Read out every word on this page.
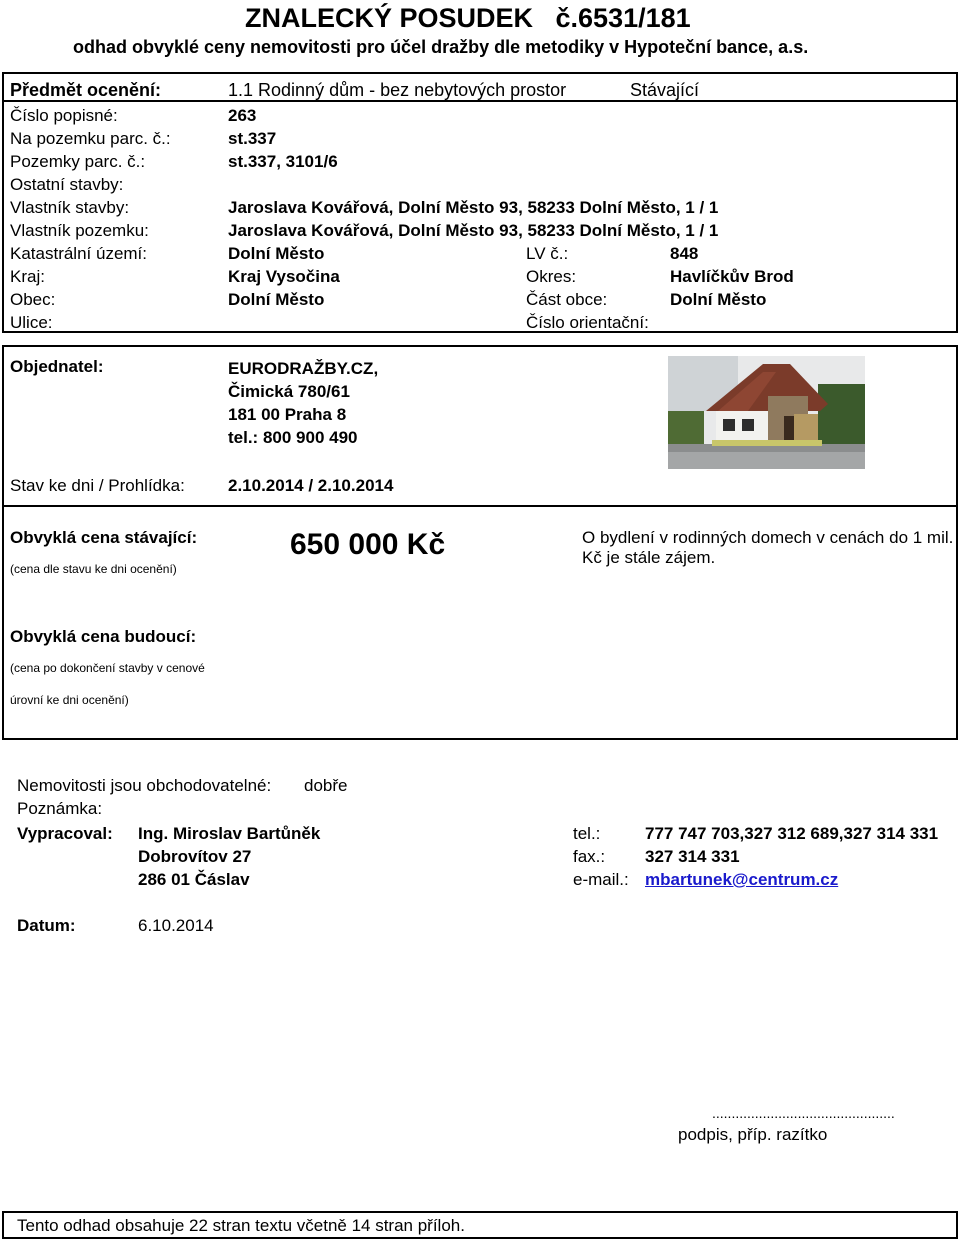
ZNALECKÝ POSUDEK   č.6531/181
odhad obvyklé ceny nemovitosti pro účel dražby dle metodiky v Hypoteční bance, a.s.
Předmět ocenění:	1.1 Rodinný dům - bez nebytových prostor	Stávající
Číslo popisné:	263
Na pozemku parc. č.:	st.337
Pozemky parc. č.:	st.337, 3101/6
Ostatní stavby:
Vlastník stavby:	Jaroslava Kovářová, Dolní Město 93, 58233 Dolní Město, 1 / 1
Vlastník pozemku:	Jaroslava Kovářová, Dolní Město 93, 58233 Dolní Město, 1 / 1
Katastrální území:	Dolní Město	LV č.:	848
Kraj:	Kraj Vysočina	Okres:	Havlíčkův Brod
Obec:	Dolní Město	Část obce:	Dolní Město
Ulice:	Číslo orientační:
Objednatel:	EURODRAŽBY.CZ,
Čimická 780/61
181 00 Praha 8
tel.: 800 900 490
Stav ke dni / Prohlídka:	2.10.2014 / 2.10.2014
Obvyklá cena stávající:
(cena dle stavu ke dni ocenění)
650 000 Kč	O bydlení v rodinných domech v cenách do 1 mil.
Kč je stále zájem.
Obvyklá cena budoucí:
(cena po dokončení stavby v cenové
úrovní ke dni ocenění)
Nemovitosti jsou obchodovatelné: dobře
Poznámka:
Vypracoval: Ing. Miroslav Bartůněk
Dobrovítov 27
286 01 Čáslav
tel.:	777 747 703,327 312 689,327 314 331
fax.: 327 314 331
e-mail.: mbartunek@centrum.cz
Datum:	6.10.2014
...............................................
podpis, příp. razítko
Tento odhad obsahuje 22 stran textu včetně 14 stran příloh.
